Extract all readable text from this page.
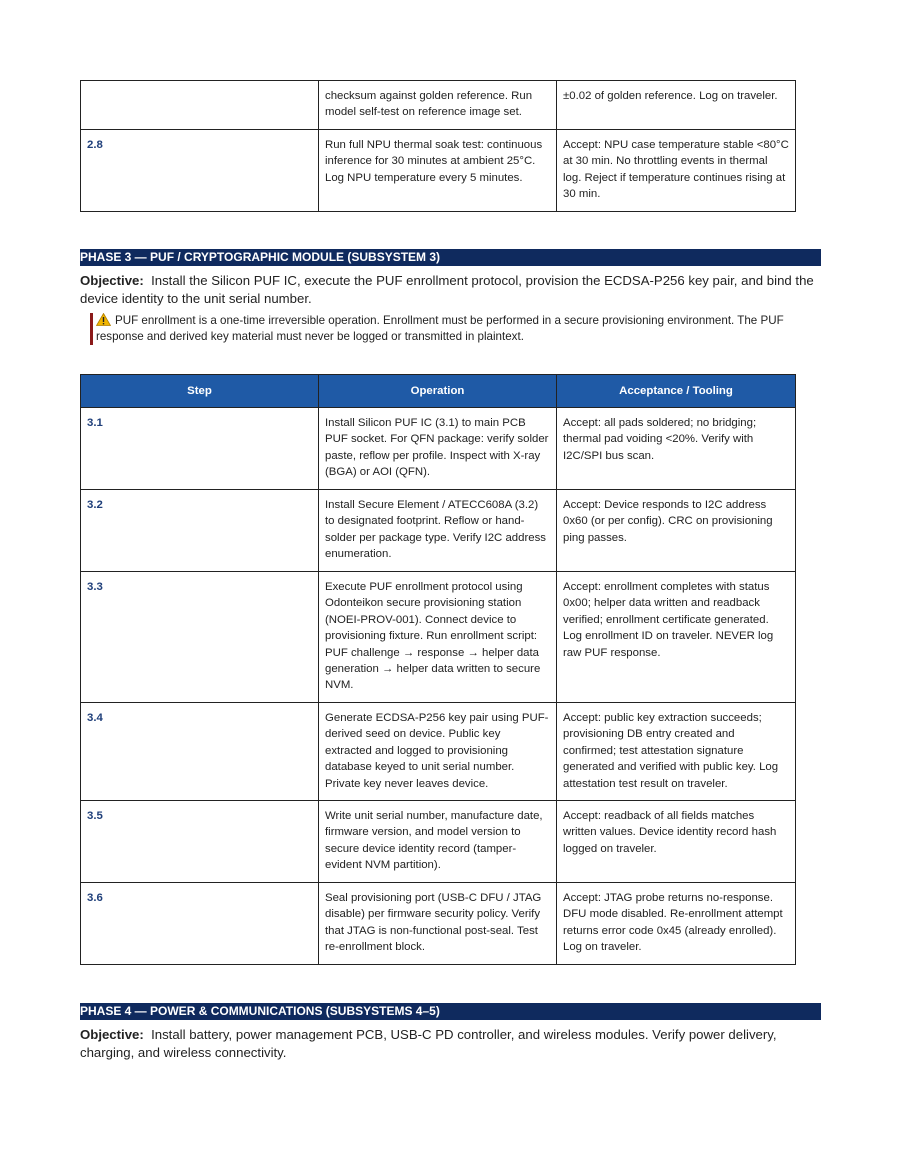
	checksum against golden reference. Run model self-test on reference image set.	±0.02 of golden reference. Log on traveler.
2.8	Run full NPU thermal soak test: continuous inference for 30 minutes at ambient 25°C. Log NPU temperature every 5 minutes.	Accept: NPU case temperature stable <80°C at 30 min. No throttling events in thermal log. Reject if temperature continues rising at 30 min.
PHASE 3 — PUF / CRYPTOGRAPHIC MODULE (SUBSYSTEM 3)
Objective: Install the Silicon PUF IC, execute the PUF enrollment protocol, provision the ECDSA-P256 key pair, and bind the device identity to the unit serial number.
PUF enrollment is a one-time irreversible operation. Enrollment must be performed in a secure provisioning environment. The PUF response and derived key material must never be logged or transmitted in plaintext.
Step	Operation	Acceptance / Tooling
3.1	Install Silicon PUF IC (3.1) to main PCB PUF socket. For QFN package: verify solder paste, reflow per profile. Inspect with X-ray (BGA) or AOI (QFN).	Accept: all pads soldered; no bridging; thermal pad voiding <20%. Verify with I2C/SPI bus scan.
3.2	Install Secure Element / ATECC608A (3.2) to designated footprint. Reflow or hand-solder per package type. Verify I2C address enumeration.	Accept: Device responds to I2C address 0x60 (or per config). CRC on provisioning ping passes.
3.3	Execute PUF enrollment protocol using Odonteikon secure provisioning station (NOEI-PROV-001). Connect device to provisioning fixture. Run enrollment script: PUF challenge → response → helper data generation → helper data written to secure NVM.	Accept: enrollment completes with status 0x00; helper data written and readback verified; enrollment certificate generated. Log enrollment ID on traveler. NEVER log raw PUF response.
3.4	Generate ECDSA-P256 key pair using PUF-derived seed on device. Public key extracted and logged to provisioning database keyed to unit serial number. Private key never leaves device.	Accept: public key extraction succeeds; provisioning DB entry created and confirmed; test attestation signature generated and verified with public key. Log attestation test result on traveler.
3.5	Write unit serial number, manufacture date, firmware version, and model version to secure device identity record (tamper-evident NVM partition).	Accept: readback of all fields matches written values. Device identity record hash logged on traveler.
3.6	Seal provisioning port (USB-C DFU / JTAG disable) per firmware security policy. Verify that JTAG is non-functional post-seal. Test re-enrollment block.	Accept: JTAG probe returns no-response. DFU mode disabled. Re-enrollment attempt returns error code 0x45 (already enrolled). Log on traveler.
PHASE 4 — POWER & COMMUNICATIONS (SUBSYSTEMS 4–5)
Objective: Install battery, power management PCB, USB-C PD controller, and wireless modules. Verify power delivery, charging, and wireless connectivity.
